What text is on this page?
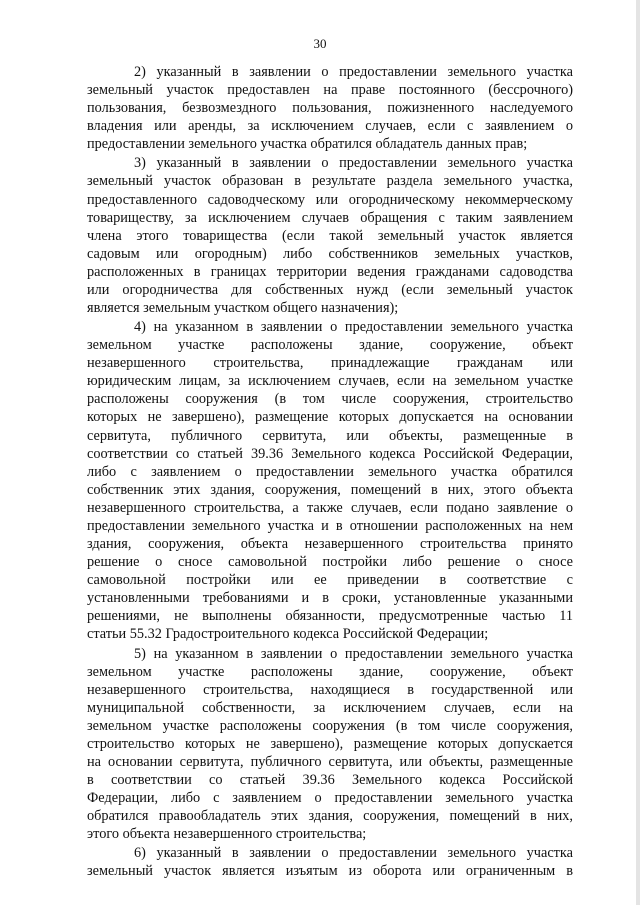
30
2) указанный в заявлении о предоставлении земельного участка
земельный участок предоставлен на праве постоянного (бессрочного)
пользования, безвозмездного пользования, пожизненного наследуемого
владения или аренды, за исключением случаев, если с заявлением о
предоставлении земельного участка обратился обладатель данных прав;
3) указанный в заявлении о предоставлении земельного участка
земельный участок образован в результате раздела земельного участка,
предоставленного садоводческому или огородническому некоммерческому
товариществу, за исключением случаев обращения с таким заявлением
члена этого товарищества (если такой земельный участок является
садовым или огородным) либо собственников земельных участков,
расположенных в границах территории ведения гражданами садоводства
или огородничества для собственных нужд (если земельный участок
является земельным участком общего назначения);
4) на указанном в заявлении о предоставлении земельного участка
земельном участке расположены здание, сооружение, объект
незавершенного строительства, принадлежащие гражданам или
юридическим лицам, за исключением случаев, если на земельном участке
расположены сооружения (в том числе сооружения, строительство
которых не завершено), размещение которых допускается на основании
сервитута, публичного сервитута, или объекты, размещенные в
соответствии со статьей 39.36 Земельного кодекса Российской Федерации,
либо с заявлением о предоставлении земельного участка обратился
собственник этих здания, сооружения, помещений в них, этого объекта
незавершенного строительства, а также случаев, если подано заявление о
предоставлении земельного участка и в отношении расположенных на нем
здания, сооружения, объекта незавершенного строительства принято
решение о сносе самовольной постройки либо решение о сносе
самовольной постройки или ее приведении в соответствие с
установленными требованиями и в сроки, установленные указанными
решениями, не выполнены обязанности, предусмотренные частью 11
статьи 55.32 Градостроительного кодекса Российской Федерации;
5) на указанном в заявлении о предоставлении земельного участка
земельном участке расположены здание, сооружение, объект
незавершенного строительства, находящиеся в государственной или
муниципальной собственности, за исключением случаев, если на
земельном участке расположены сооружения (в том числе сооружения,
строительство которых не завершено), размещение которых допускается
на основании сервитута, публичного сервитута, или объекты, размещенные
в соответствии со статьей 39.36 Земельного кодекса Российской
Федерации, либо с заявлением о предоставлении земельного участка
обратился правообладатель этих здания, сооружения, помещений в них,
этого объекта незавершенного строительства;
6) указанный в заявлении о предоставлении земельного участка
земельный участок является изъятым из оборота или ограниченным в
